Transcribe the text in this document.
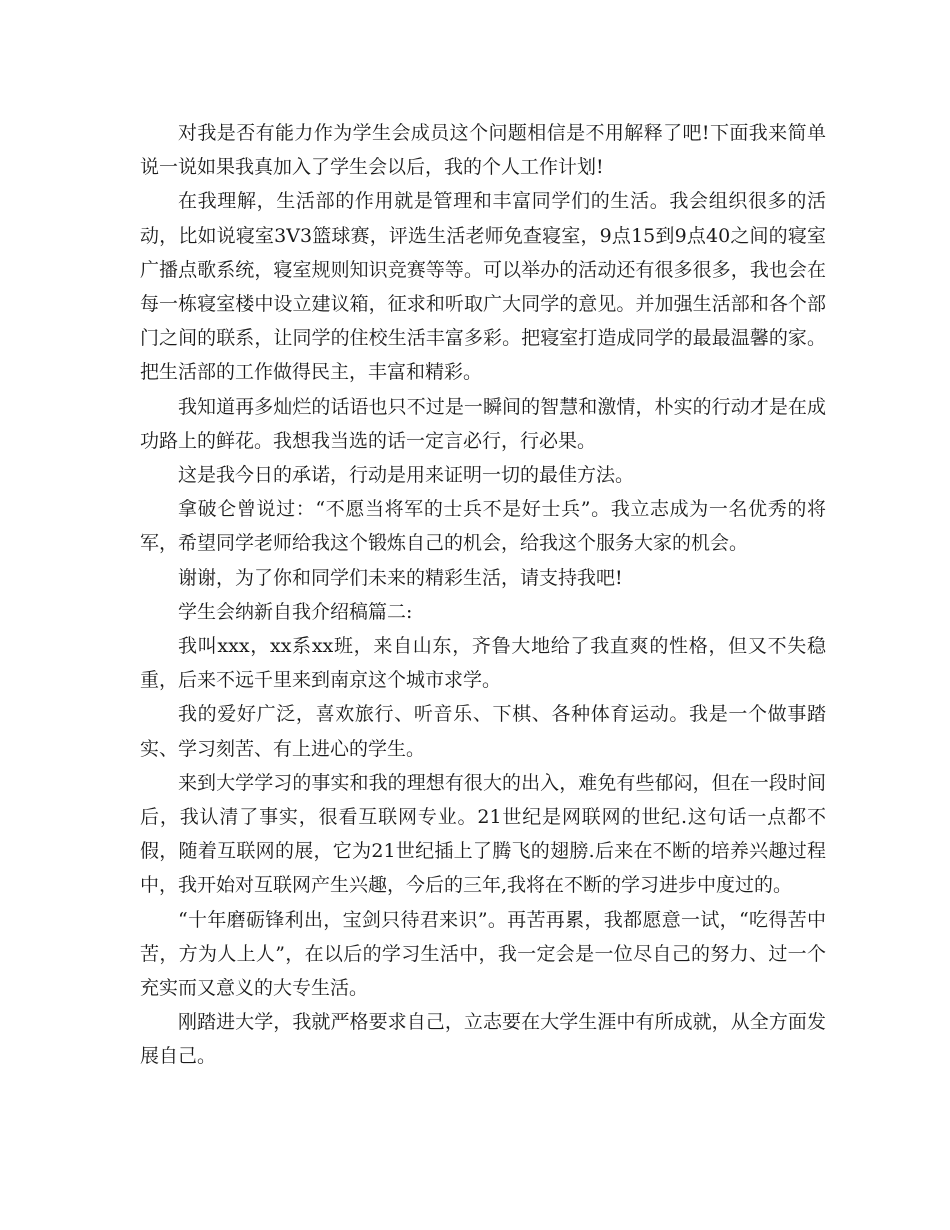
对我是否有能力作为学生会成员这个问题相信是不用解释了吧!下面我来简单说一说如果我真加入了学生会以后，我的个人工作计划!

在我理解，生活部的作用就是管理和丰富同学们的生活。我会组织很多的活动，比如说寝室3V3篮球赛，评选生活老师免查寝室，9点15到9点40之间的寝室广播点歌系统，寝室规则知识竞赛等等。可以举办的活动还有很多很多，我也会在每一栋寝室楼中设立建议箱，征求和听取广大同学的意见。并加强生活部和各个部门之间的联系，让同学的住校生活丰富多彩。把寝室打造成同学的最最温馨的家。把生活部的工作做得民主，丰富和精彩。

我知道再多灿烂的话语也只不过是一瞬间的智慧和激情，朴实的行动才是在成功路上的鲜花。我想我当选的话一定言必行，行必果。

这是我今日的承诺，行动是用来证明一切的最佳方法。

拿破仑曾说过：“不愿当将军的士兵不是好士兵”。我立志成为一名优秀的将军，希望同学老师给我这个锻炼自己的机会，给我这个服务大家的机会。

谢谢，为了你和同学们未来的精彩生活，请支持我吧!

学生会纳新自我介绍稿篇二:

我叫xxx，xx系xx班，来自山东，齐鲁大地给了我直爽的性格，但又不失稳重，后来不远千里来到南京这个城市求学。

我的爱好广泛，喜欢旅行、听音乐、下棋、各种体育运动。我是一个做事踏实、学习刻苦、有上进心的学生。

来到大学学习的事实和我的理想有很大的出入，难免有些郁闷，但在一段时间后，我认清了事实，很看互联网专业。21世纪是网联网的世纪.这句话一点都不假，随着互联网的展，它为21世纪插上了腾飞的翅膀.后来在不断的培养兴趣过程中，我开始对互联网产生兴趣，今后的三年,我将在不断的学习进步中度过的。

“十年磨砺锋利出，宝剑只待君来识”。再苦再累，我都愿意一试，“吃得苦中苦，方为人上人”，在以后的学习生活中，我一定会是一位尽自己的努力、过一个充实而又意义的大专生活。

刚踏进大学，我就严格要求自己，立志要在大学生涯中有所成就，从全方面发展自己。
